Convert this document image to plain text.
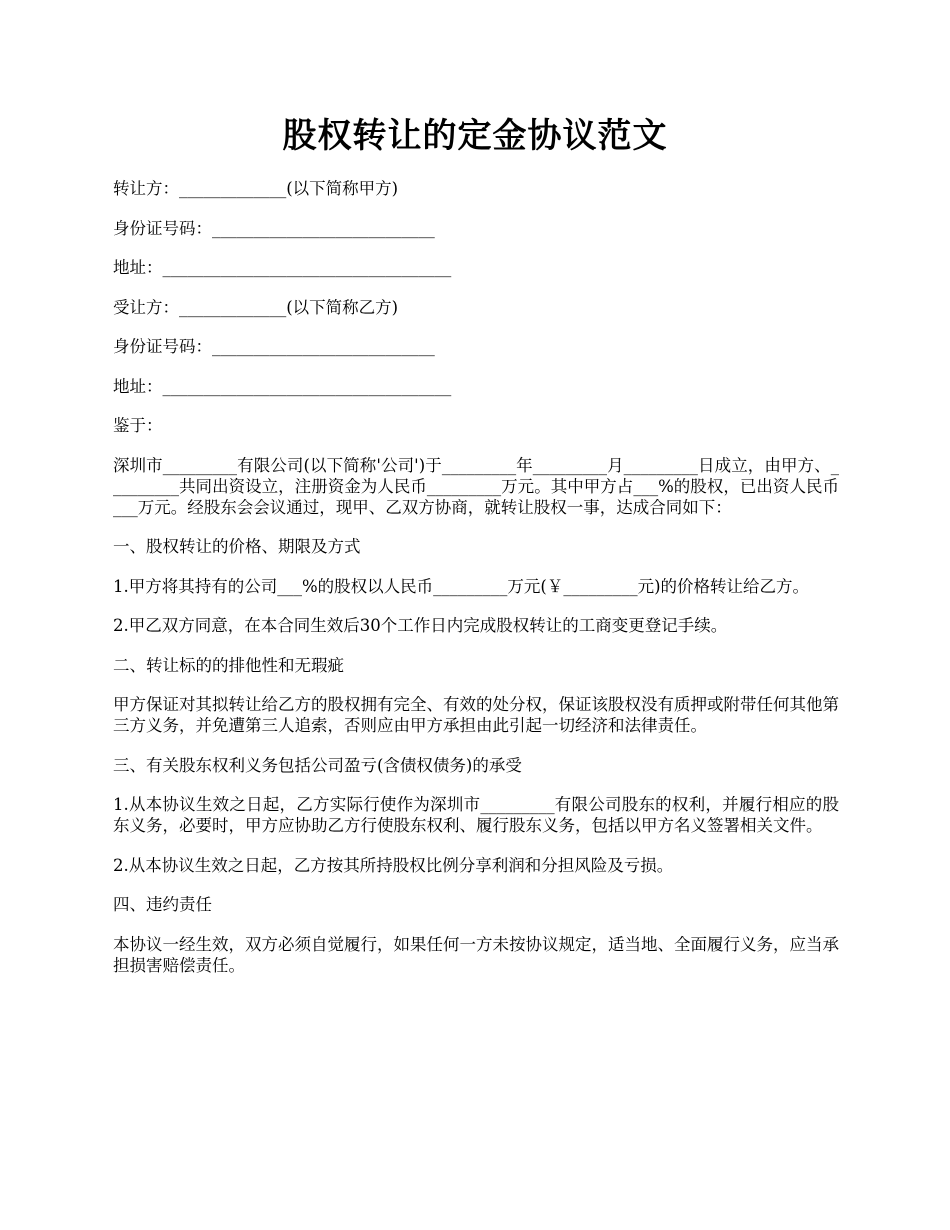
股权转让的定金协议范文

转让方：_____________(以下简称甲方)

身份证号码：___________________________

地址：___________________________________

受让方：_____________(以下简称乙方)

身份证号码：___________________________

地址：___________________________________

鉴于：

深圳市_________有限公司(以下简称'公司')于_________年_________月_________日成立，由甲方、_________共同出资设立，注册资金为人民币_________万元。其中甲方占___%的股权，已出资人民币___万元。经股东会会议通过，现甲、乙双方协商，就转让股权一事，达成合同如下：

一、股权转让的价格、期限及方式

1.甲方将其持有的公司___%的股权以人民币_________万元(￥_________元)的价格转让给乙方。

2.甲乙双方同意，在本合同生效后30个工作日内完成股权转让的工商变更登记手续。

二、转让标的的排他性和无瑕疵

甲方保证对其拟转让给乙方的股权拥有完全、有效的处分权，保证该股权没有质押或附带任何其他第三方义务，并免遭第三人追索，否则应由甲方承担由此引起一切经济和法律责任。

三、有关股东权利义务包括公司盈亏(含债权债务)的承受

1.从本协议生效之日起，乙方实际行使作为深圳市_________有限公司股东的权利，并履行相应的股东义务，必要时，甲方应协助乙方行使股东权利、履行股东义务，包括以甲方名义签署相关文件。

2.从本协议生效之日起，乙方按其所持股权比例分享利润和分担风险及亏损。

四、违约责任

本协议一经生效，双方必须自觉履行，如果任何一方未按协议规定，适当地、全面履行义务，应当承担损害赔偿责任。
